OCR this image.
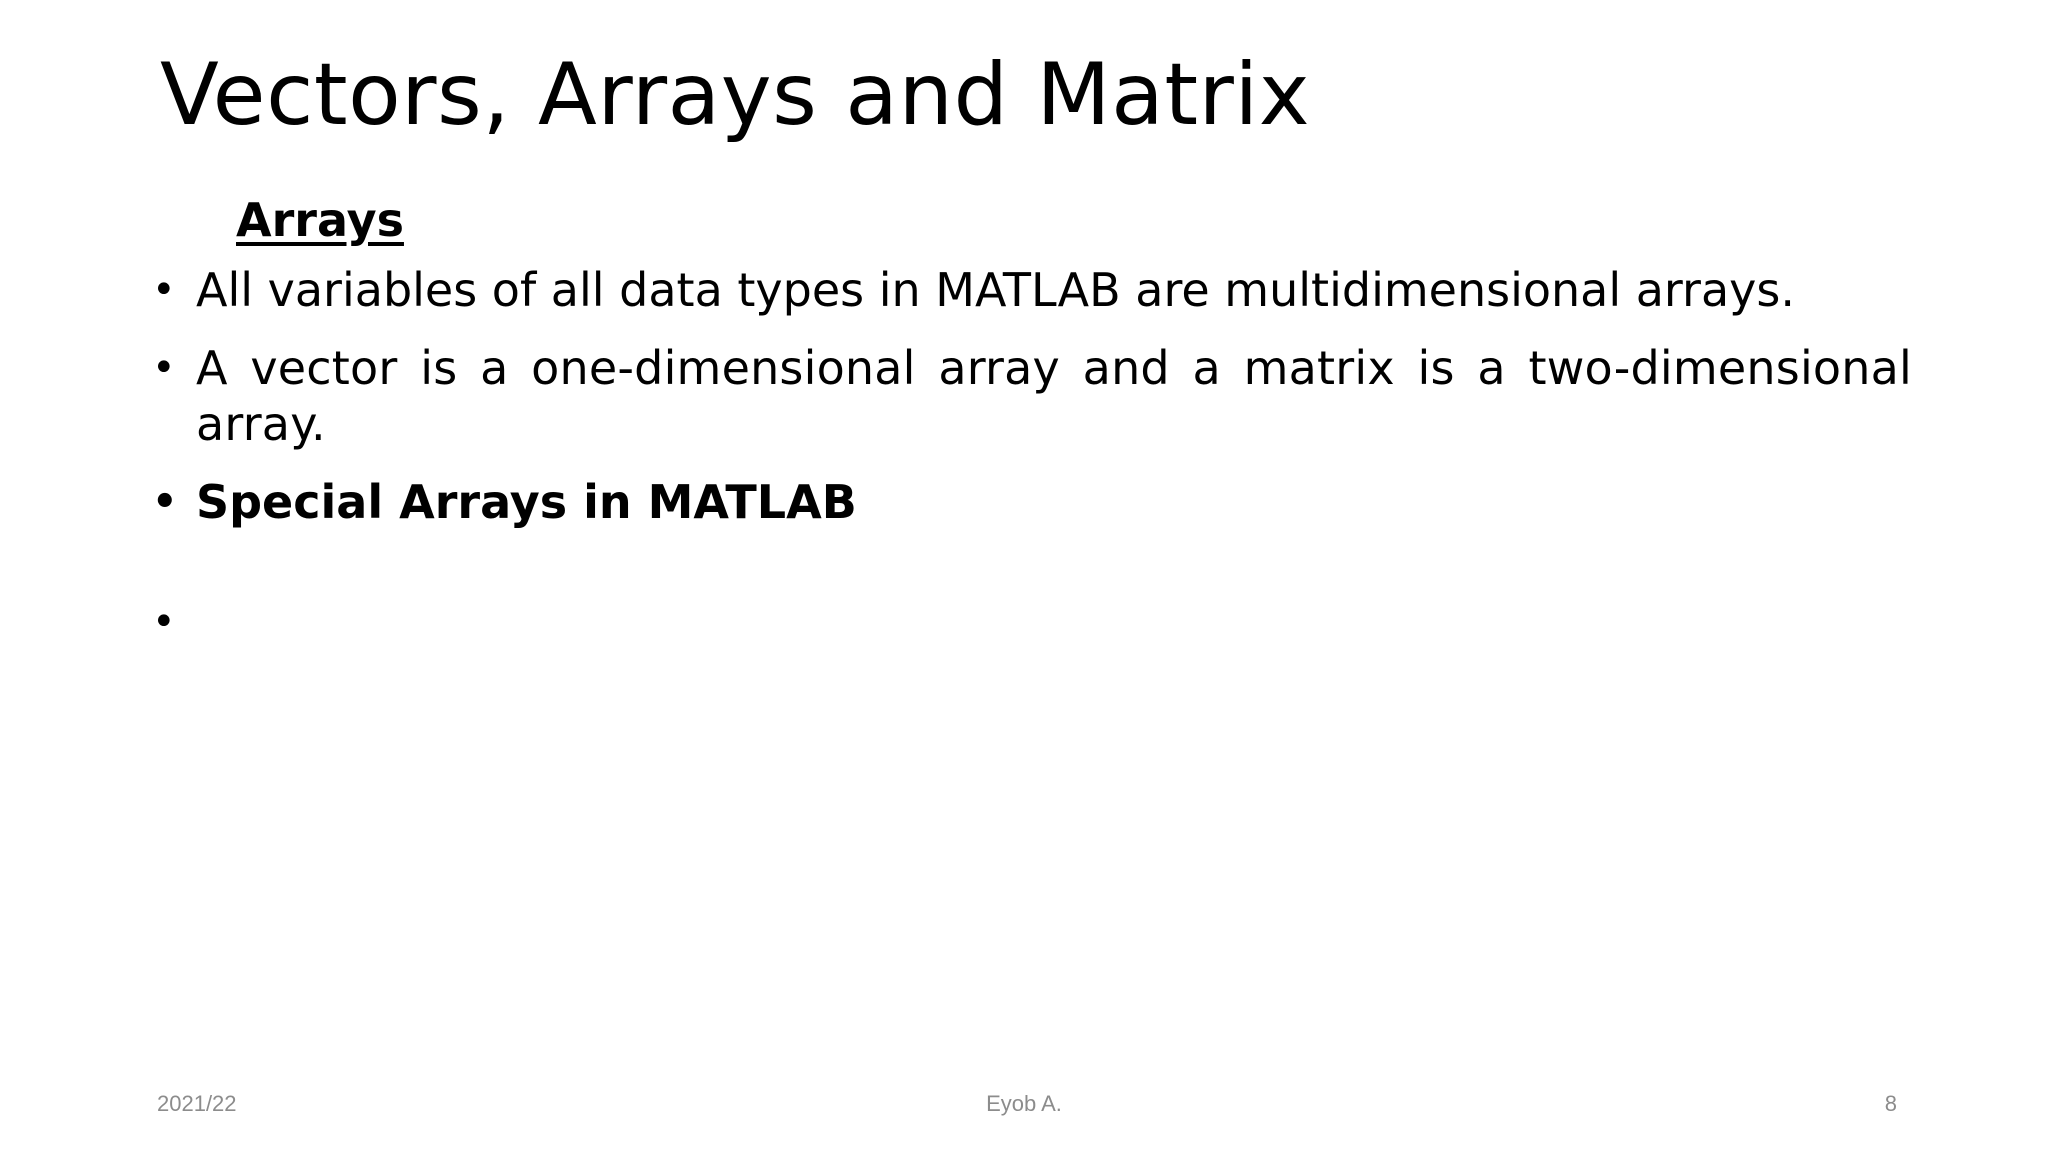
Vectors, Arrays and Matrix
Arrays
• All variables of all data types in MATLAB are multidimensional arrays.
• A vector is a one-dimensional array and a matrix is a two-dimensional array.
• Special Arrays in MATLAB
•
2021/22	Eyob A.	8
